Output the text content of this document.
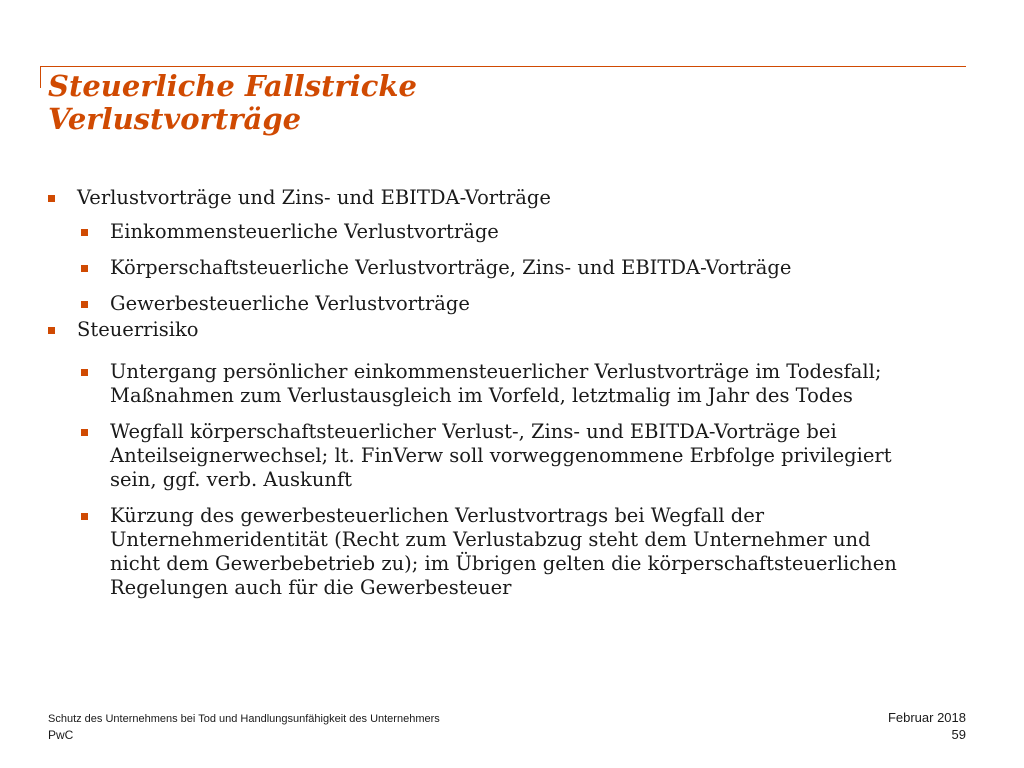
Steuerliche Fallstricke
Verlustvorträge
Verlustvorträge und Zins- und EBITDA-Vorträge
Einkommensteuerliche Verlustvorträge
Körperschaftsteuerliche Verlustvorträge, Zins- und EBITDA-Vorträge
Gewerbesteuerliche Verlustvorträge
Steuerrisiko
Untergang persönlicher einkommensteuerlicher Verlustvorträge im Todesfall;
Maßnahmen zum Verlustausgleich im Vorfeld, letztmalig im Jahr des Todes
Wegfall körperschaftsteuerlicher Verlust-, Zins- und EBITDA-Vorträge bei
Anteilseignerwechsel; lt. FinVerw soll vorweggenommene Erbfolge privilegiert
sein, ggf. verb. Auskunft
Kürzung des gewerbesteuerlichen Verlustvortrags bei Wegfall der
Unternehmeridentität (Recht zum Verlustabzug steht dem Unternehmer und
nicht dem Gewerbebetrieb zu); im Übrigen gelten die körperschaftsteuerlichen
Regelungen auch für die Gewerbesteuer
Schutz des Unternehmens bei Tod und Handlungsunfähigkeit des Unternehmers
PwC
Februar 2018
59
